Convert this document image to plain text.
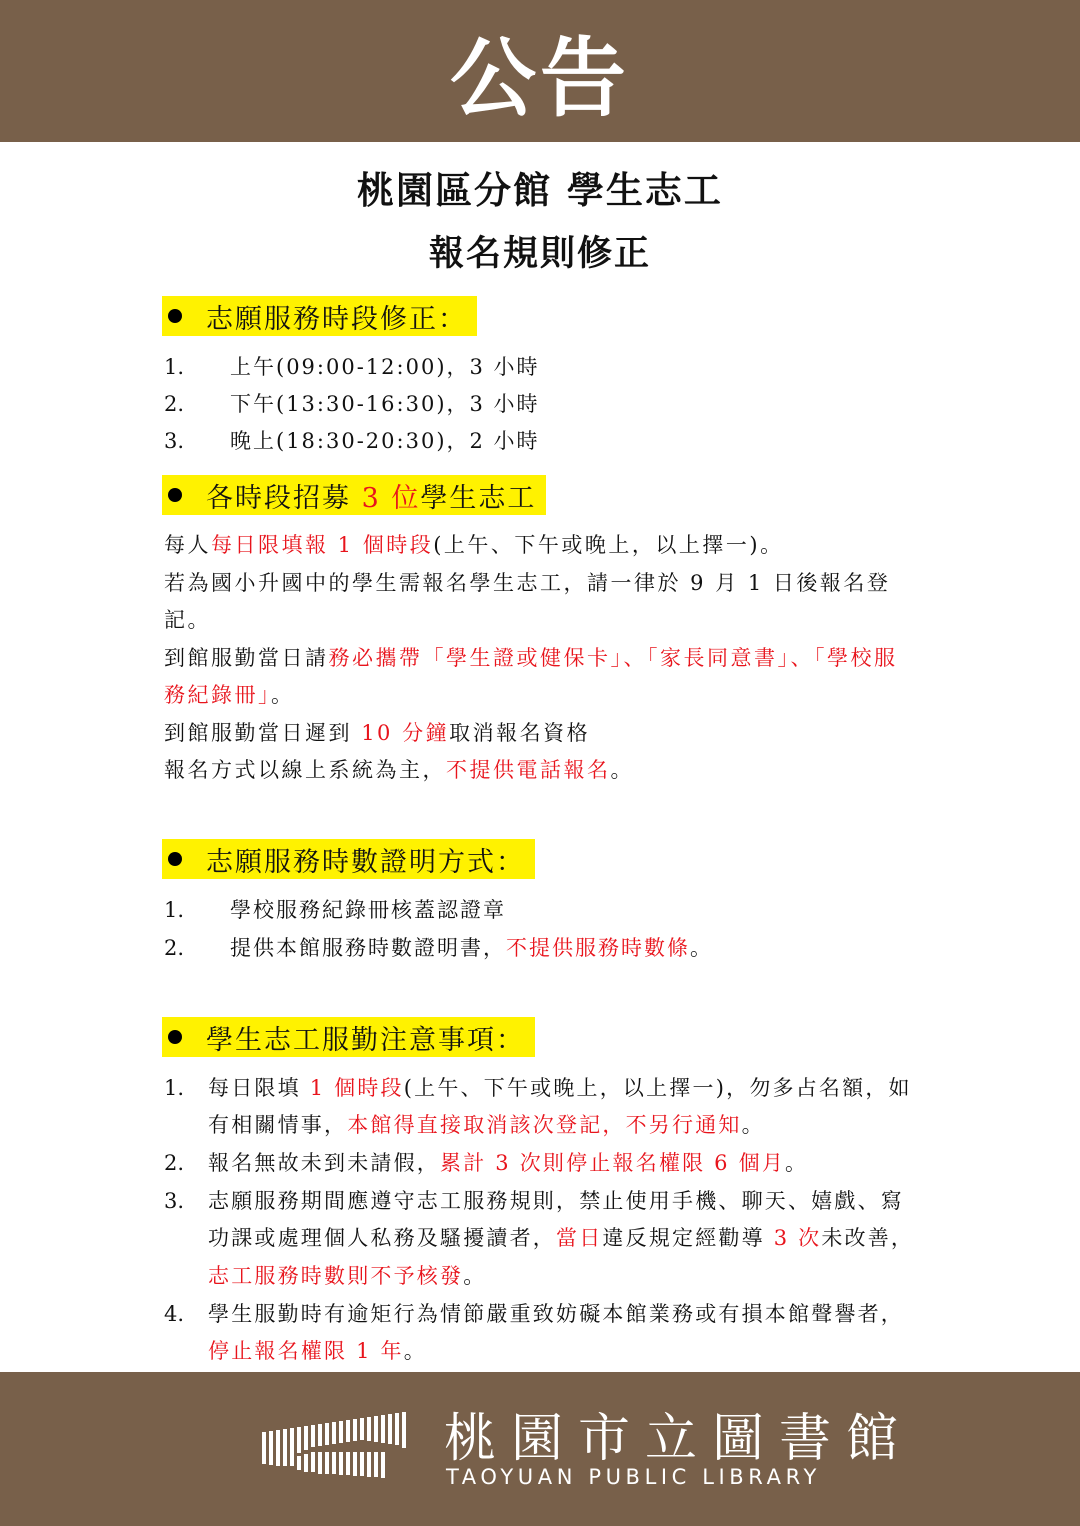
公告
桃園區分館 學生志工
報名規則修正
志願服務時段修正：
1. 上午(09:00-12:00)，3 小時
2. 下午(13:30-16:30)，3 小時
3. 晚上(18:30-20:30)，2 小時
各時段招募 3 位 學生志工
每人每日限填報 1 個時段(上午、下午或晚上，以上擇一)。
若為國小升國中的學生需報名學生志工，請一律於 9 月 1 日後報名登
記。
到館服勤當日請務必攜帶「學生證或健保卡」、「家長同意書」、「學校服
務紀錄冊」。
到館服勤當日遲到 10 分鐘取消報名資格
報名方式以線上系統為主，不提供電話報名。
志願服務時數證明方式：
1. 學校服務紀錄冊核蓋認證章
2. 提供本館服務時數證明書，不提供服務時數條。
學生志工服勤注意事項：
1. 每日限填 1 個時段(上午、下午或晚上，以上擇一)，勿多占名額，如
有相關情事，本館得直接取消該次登記，不另行通知。
2. 報名無故未到未請假，累計 3 次則停止報名權限 6 個月。
3. 志願服務期間應遵守志工服務規則，禁止使用手機、聊天、嬉戲、寫
功課或處理個人私務及騷擾讀者，當日違反規定經勸導 3 次未改善，
志工服務時數則不予核發。
4. 學生服勤時有逾矩行為情節嚴重致妨礙本館業務或有損本館聲譽者，
停止報名權限 1 年。
桃園市立圖書館
TAOYUAN PUBLIC LIBRARY
